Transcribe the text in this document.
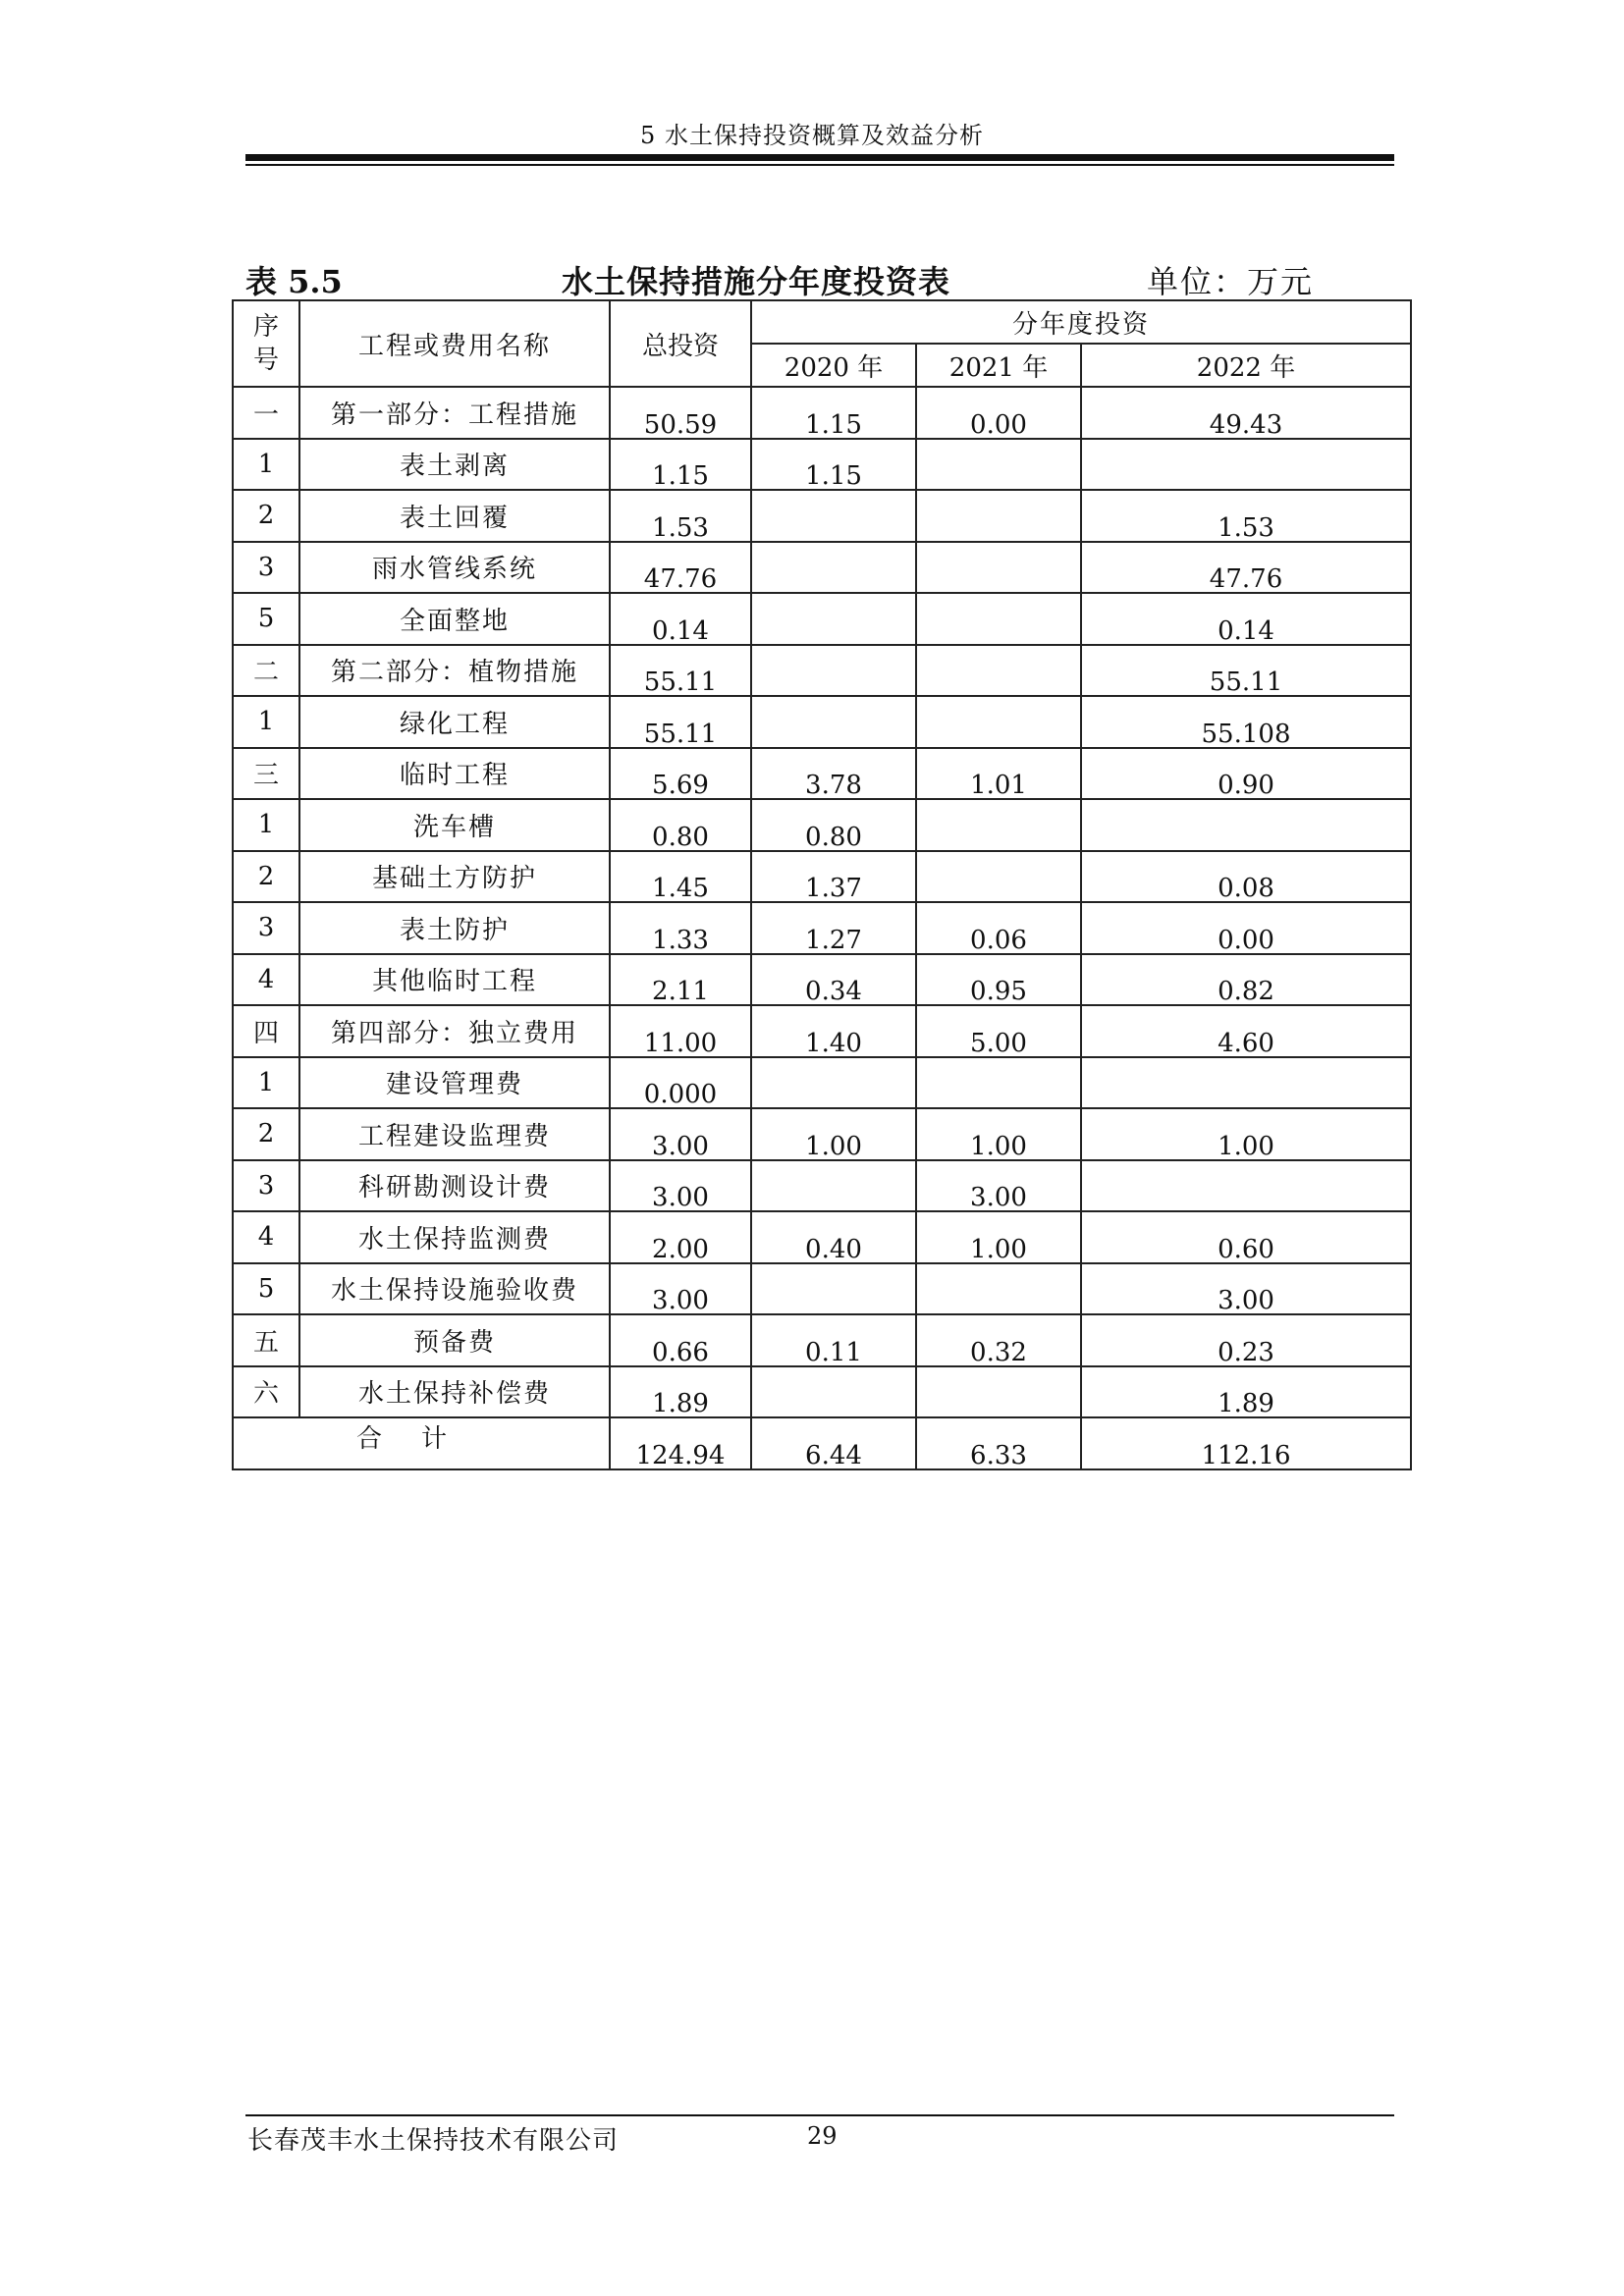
5 水土保持投资概算及效益分析
表 5.5	水土保持措施分年度投资表	单位：万元
序号	工程或费用名称	总投资	分年度投资		
			2020 年	2021 年	2022 年
一	第一部分：工程措施	50.59	1.15	0.00	49.43
1	表土剥离	1.15	1.15		
2	表土回覆	1.53			1.53
3	雨水管线系统	47.76			47.76
5	全面整地	0.14			0.14
二	第二部分：植物措施	55.11			55.11
1	绿化工程	55.11			55.108
三	临时工程	5.69	3.78	1.01	0.90
1	洗车槽	0.80	0.80		
2	基础土方防护	1.45	1.37		0.08
3	表土防护	1.33	1.27	0.06	0.00
4	其他临时工程	2.11	0.34	0.95	0.82
四	第四部分：独立费用	11.00	1.40	5.00	4.60
1	建设管理费	0.000			
2	工程建设监理费	3.00	1.00	1.00	1.00
3	科研勘测设计费	3.00		3.00	
4	水土保持监测费	2.00	0.40	1.00	0.60
5	水土保持设施验收费	3.00			3.00
五	预备费	0.66	0.11	0.32	0.23
六	水土保持补偿费	1.89			1.89
合计		124.94	6.44	6.33	112.16
长春茂丰水土保持技术有限公司	29
